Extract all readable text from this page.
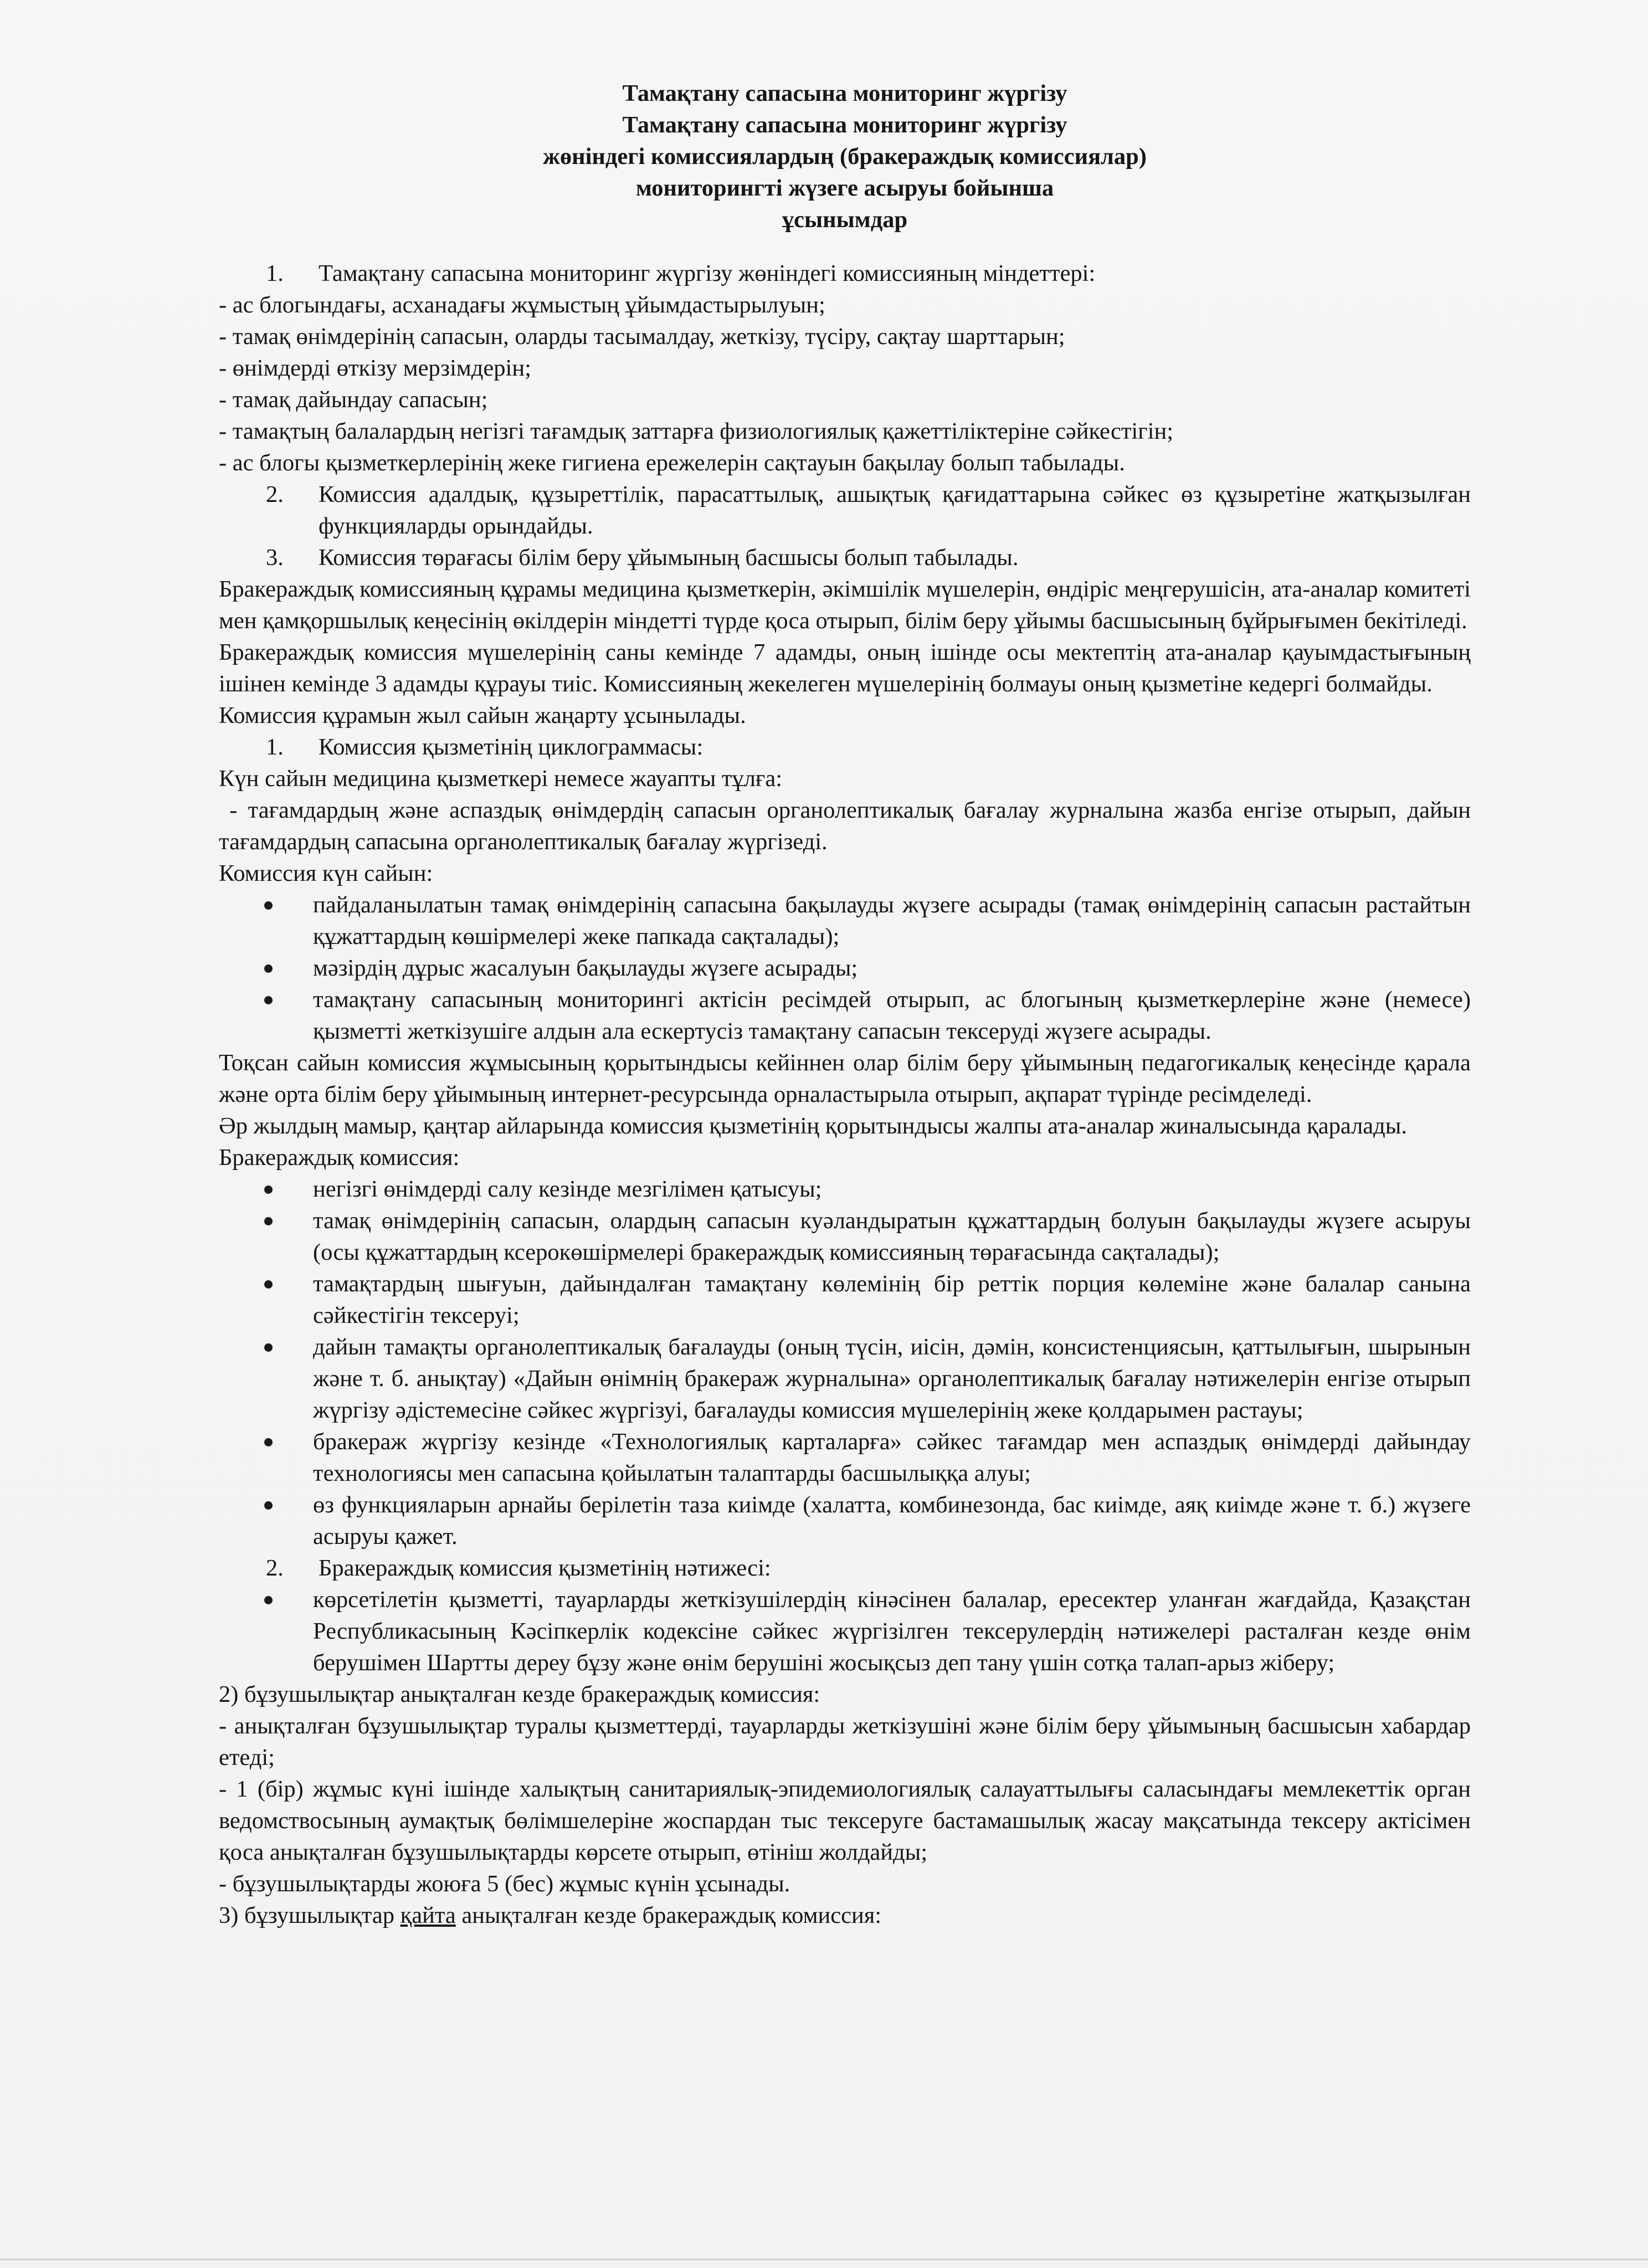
Тамақтану сапасына мониторинг жүргізу

Тамақтану сапасына мониторинг жүргізу

жөніндегі комиссиялардың (бракераждық комиссиялар)

мониторингті жүзеге асыруы бойынша

ұсынымдар

1. Тамақтану сапасына мониторинг жүргізу жөніндегі комиссияның міндеттері:

- ас блогындағы, асханадағы жұмыстың ұйымдастырылуын;

- тамақ өнімдерінің сапасын, оларды тасымалдау, жеткізу, түсіру, сақтау шарттарын;

- өнімдерді өткізу мерзімдерін;

- тамақ дайындау сапасын;

- тамақтың балалардың негізгі тағамдық заттарға физиологиялық қажеттіліктеріне сәйкестігін;

- ас блогы қызметкерлерінің жеке гигиена ережелерін сақтауын бақылау болып табылады.

2. Комиссия адалдық, құзыреттілік, парасаттылық, ашықтық қағидаттарына сәйкес өз құзыретіне жатқызылған функцияларды орындайды.

3. Комиссия төрағасы білім беру ұйымының басшысы болып табылады.

Бракераждық комиссияның құрамы медицина қызметкерін, әкімшілік мүшелерін, өндіріс меңгерушісін, ата-аналар комитеті мен қамқоршылық кеңесінің өкілдерін міндетті түрде қоса отырып, білім беру ұйымы басшысының бұйрығымен бекітіледі.

Бракераждық комиссия мүшелерінің саны кемінде 7 адамды, оның ішінде осы мектептің ата-аналар қауымдастығының ішінен кемінде 3 адамды құрауы тиіс. Комиссияның жекелеген мүшелерінің болмауы оның қызметіне кедергі болмайды.

Комиссия құрамын жыл сайын жаңарту ұсынылады.

1. Комиссия қызметінің циклограммасы:

Күн сайын медицина қызметкері немесе жауапты тұлға:

- тағамдардың және аспаздық өнімдердің сапасын органолептикалық бағалау журналына жазба енгізе отырып, дайын тағамдардың сапасына органолептикалық бағалау жүргізеді.

Комиссия күн сайын:

пайдаланылатын тамақ өнімдерінің сапасына бақылауды жүзеге асырады (тамақ өнімдерінің сапасын растайтын құжаттардың көшірмелері жеке папкада сақталады);
мәзірдің дұрыс жасалуын бақылауды жүзеге асырады;
тамақтану сапасының мониторингі актісін ресімдей отырып, ас блогының қызметкерлеріне және (немесе) қызметті жеткізушіге алдын ала ескертусіз тамақтану сапасын тексеруді жүзеге асырады.

Тоқсан сайын комиссия жұмысының қорытындысы кейіннен олар білім беру ұйымының педагогикалық кеңесінде қарала және орта білім беру ұйымының интернет-ресурсында орналастырыла отырып, ақпарат түрінде ресімделеді.

Әр жылдың мамыр, қаңтар айларында комиссия қызметінің қорытындысы жалпы ата-аналар жиналысында қаралады.

Бракераждық комиссия:

негізгі өнімдерді салу кезінде мезгілімен қатысуы;
тамақ өнімдерінің сапасын, олардың сапасын куәландыратын құжаттардың болуын бақылауды жүзеге асыруы (осы құжаттардың ксерокөшірмелері бракераждық комиссияның төрағасында сақталады);
тамақтардың шығуын, дайындалған тамақтану көлемінің бір реттік порция көлеміне және балалар санына сәйкестігін тексеруі;
дайын тамақты органолептикалық бағалауды (оның түсін, иісін, дәмін, консистенциясын, қаттылығын, шырынын және т. б. анықтау) «Дайын өнімнің бракераж журналына» органолептикалық бағалау нәтижелерін енгізе отырып жүргізу әдістемесіне сәйкес жүргізуі, бағалауды комиссия мүшелерінің жеке қолдарымен растауы;
бракераж жүргізу кезінде «Технологиялық карталарға» сәйкес тағамдар мен аспаздық өнімдерді дайындау технологиясы мен сапасына қойылатын талаптарды басшылыққа алуы;
өз функцияларын арнайы берілетін таза киімде (халатта, комбинезонда, бас киімде, аяқ киімде және т. б.) жүзеге асыруы қажет.

2. Бракераждық комиссия қызметінің нәтижесі:

көрсетілетін қызметті, тауарларды жеткізушілердің кінәсінен балалар, ересектер уланған жағдайда, Қазақстан Республикасының Кәсіпкерлік кодексіне сәйкес жүргізілген тексерулердің нәтижелері расталған кезде өнім берушімен Шартты дереу бұзу және өнім берушіні жосықсыз деп тану үшін сотқа талап-арыз жіберу;

2) бұзушылықтар анықталған кезде бракераждық комиссия:

- анықталған бұзушылықтар туралы қызметтерді, тауарларды жеткізушіні және білім беру ұйымының басшысын хабардар етеді;

- 1 (бір) жұмыс күні ішінде халықтың санитариялық-эпидемиологиялық салауаттылығы саласындағы мемлекеттік орган ведомствосының аумақтық бөлімшелеріне жоспардан тыс тексеруге бастамашылық жасау мақсатында тексеру актісімен қоса анықталған бұзушылықтарды көрсете отырып, өтініш жолдайды;

- бұзушылықтарды жоюға 5 (бес) жұмыс күнін ұсынады.

3) бұзушылықтар қайта анықталған кезде бракераждық комиссия:
